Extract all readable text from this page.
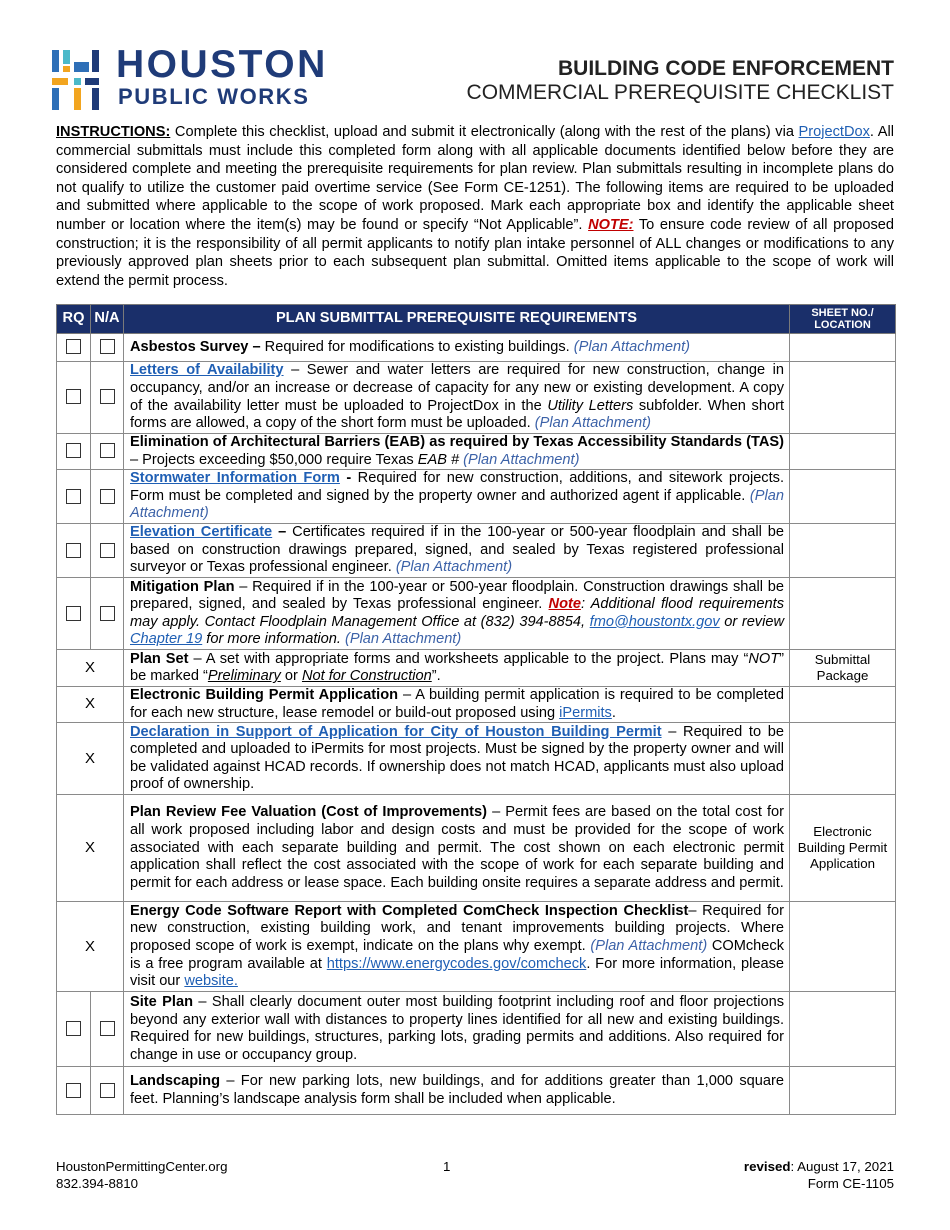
HOUSTON
PUBLIC WORKS
BUILDING CODE ENFORCEMENT
COMMERCIAL PREREQUISITE CHECKLIST
INSTRUCTIONS: Complete this checklist, upload and submit it electronically (along with the rest of the plans) via ProjectDox. All commercial submittals must include this completed form along with all applicable documents identified below before they are considered complete and meeting the prerequisite requirements for plan review. Plan submittals resulting in incomplete plans do not qualify to utilize the customer paid overtime service (See Form CE-1251). The following items are required to be uploaded and submitted where applicable to the scope of work proposed. Mark each appropriate box and identify the applicable sheet number or location where the item(s) may be found or specify “Not Applicable”. NOTE: To ensure code review of all proposed construction; it is the responsibility of all permit applicants to notify plan intake personnel of ALL changes or modifications to any previously approved plan sheets prior to each subsequent plan submittal. Omitted items applicable to the scope of work will extend the permit process.
RQ	N/A	PLAN SUBMITTAL PREREQUISITE REQUIREMENTS	SHEET NO./ LOCATION
		Asbestos Survey – Required for modifications to existing buildings. (Plan Attachment)	
		Letters of Availability – Sewer and water letters are required for new construction, change in occupancy, and/or an increase or decrease of capacity for any new or existing development. A copy of the availability letter must be uploaded to ProjectDox in the Utility Letters subfolder. When short forms are allowed, a copy of the short form must be uploaded. (Plan Attachment)	
		Elimination of Architectural Barriers (EAB) as required by Texas Accessibility Standards (TAS) – Projects exceeding $50,000 require Texas EAB # (Plan Attachment)	
		Stormwater Information Form - Required for new construction, additions, and sitework projects. Form must be completed and signed by the property owner and authorized agent if applicable. (Plan Attachment)	
		Elevation Certificate – Certificates required if in the 100-year or 500-year floodplain and shall be based on construction drawings prepared, signed, and sealed by Texas registered professional surveyor or Texas professional engineer. (Plan Attachment)	
		Mitigation Plan – Required if in the 100-year or 500-year floodplain. Construction drawings shall be prepared, signed, and sealed by Texas professional engineer. Note: Additional flood requirements may apply. Contact Floodplain Management Office at (832) 394-8854, fmo@houstontx.gov or review Chapter 19 for more information. (Plan Attachment)	
X		Plan Set – A set with appropriate forms and worksheets applicable to the project. Plans may “NOT” be marked “Preliminary or Not for Construction”.	Submittal Package
X		Electronic Building Permit Application – A building permit application is required to be completed for each new structure, lease remodel or build-out proposed using iPermits.	
X		Declaration in Support of Application for City of Houston Building Permit – Required to be completed and uploaded to iPermits for most projects. Must be signed by the property owner and will be validated against HCAD records. If ownership does not match HCAD, applicants must also upload proof of ownership.	
X		Plan Review Fee Valuation (Cost of Improvements) – Permit fees are based on the total cost for all work proposed including labor and design costs and must be provided for the scope of work associated with each separate building and permit. The cost shown on each electronic permit application shall reflect the cost associated with the scope of work for each separate building and permit for each address or lease space. Each building onsite requires a separate address and permit.	Electronic Building Permit Application
X		Energy Code Software Report with Completed ComCheck Inspection Checklist– Required for new construction, existing building work, and tenant improvements building projects. Where proposed scope of work is exempt, indicate on the plans why exempt. (Plan Attachment) COMcheck is a free program available at https://www.energycodes.gov/comcheck. For more information, please visit our website.	
		Site Plan – Shall clearly document outer most building footprint including roof and floor projections beyond any exterior wall with distances to property lines identified for all new and existing buildings. Required for new buildings, structures, parking lots, grading permits and additions. Also required for change in use or occupancy group.	
		Landscaping – For new parking lots, new buildings, and for additions greater than 1,000 square feet. Planning’s landscape analysis form shall be included when applicable.	
HoustonPermittingCenter.org
832.394-8810
1	revised: August 17, 2021
Form CE-1105
